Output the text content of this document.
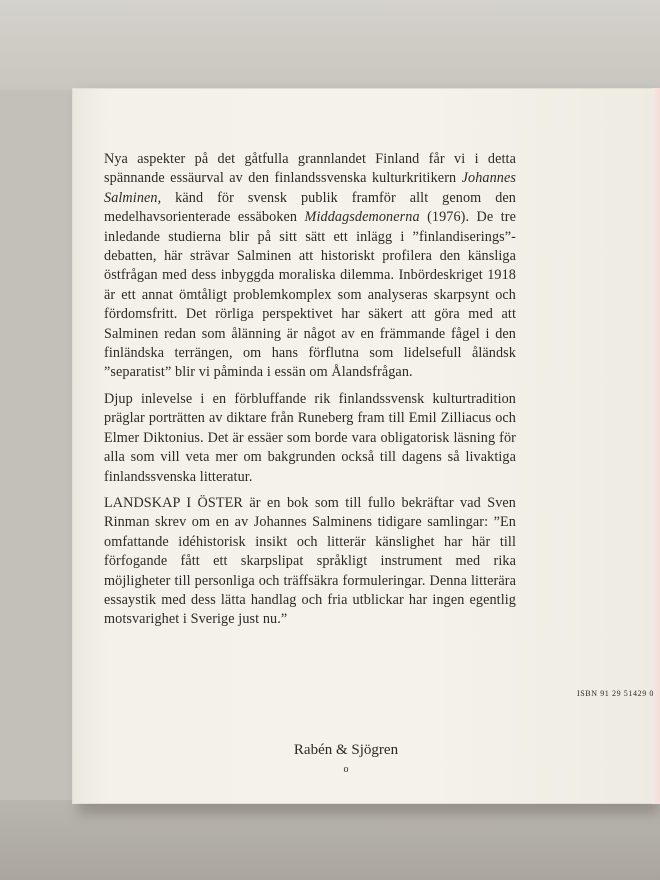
Nya aspekter på det gåtfulla grannlandet Finland får vi i detta spännande essäurval av den finlandssvenska kulturkritikern Johannes Salminen, känd för svensk publik framför allt genom den medelhavsorienterade essäboken Middagsdemonerna (1976). De tre inledande studierna blir på sitt sätt ett inlägg i ”finlandiserings”-debatten, här strävar Salminen att historiskt profilera den känsliga östfrågan med dess inbyggda moraliska dilemma. Inbördeskriget 1918 är ett annat ömtåligt problemkomplex som analyseras skarpsynt och fördomsfritt. Det rörliga perspektivet har säkert att göra med att Salminen redan som ålänning är något av en främmande fågel i den finländska terrängen, om hans förflutna som lidelsefull åländsk ”separatist” blir vi påminda i essän om Ålandsfrågan.

Djup inlevelse i en förbluffande rik finlandssvensk kulturtradition präglar porträtten av diktare från Runeberg fram till Emil Zilliacus och Elmer Diktonius. Det är essäer som borde vara obligatorisk läsning för alla som vill veta mer om bakgrunden också till dagens så livaktiga finlandssvenska litteratur.

LANDSKAP I ÖSTER är en bok som till fullo bekräftar vad Sven Rinman skrev om en av Johannes Salminens tidigare samlingar: ”En omfattande idéhistorisk insikt och litterär känslighet har här till förfogande fått ett skarpslipat språkligt instrument med rika möjligheter till personliga och träffsäkra formuleringar. Denna litterära essaystik med dess lätta handlag och fria utblickar har ingen egentlig motsvarighet i Sverige just nu.”

Rabén & Sjögren
o
ISBN 91 29 51429 0
